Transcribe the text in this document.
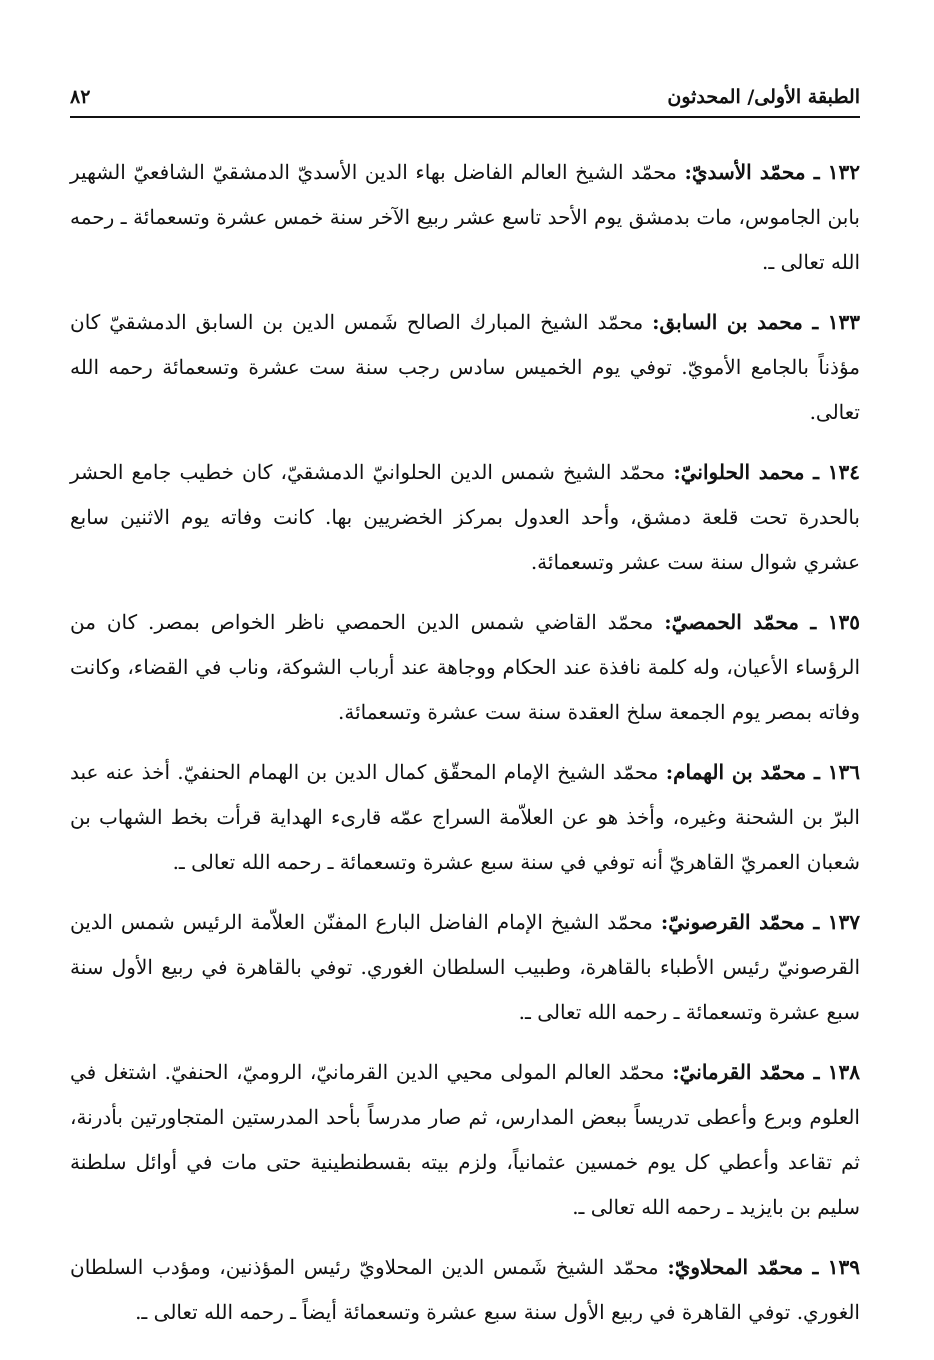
الطبقة الأولى/ المحدثون
٨٢

١٣٢ ـ محمّد الأسديّ: محمّد الشيخ العالم الفاضل بهاء الدين الأسديّ الدمشقيّ الشافعيّ الشهير بابن الجاموس، مات بدمشق يوم الأحد تاسع عشر ربيع الآخر سنة خمس عشرة وتسعمائة ـ رحمه الله تعالى ـ.

١٣٣ ـ محمد بن السابق: محمّد الشيخ المبارك الصالح شَمس الدين بن السابق الدمشقيّ كان مؤذناً بالجامع الأمويّ. توفي يوم الخميس سادس رجب سنة ست عشرة وتسعمائة رحمه الله تعالى.

١٣٤ ـ محمد الحلوانيّ: محمّد الشيخ شمس الدين الحلوانيّ الدمشقيّ، كان خطيب جامع الحشر بالحدرة تحت قلعة دمشق، وأحد العدول بمركز الخضريين بها. كانت وفاته يوم الاثنين سابع عشري شوال سنة ست عشر وتسعمائة.

١٣٥ ـ محمّد الحمصيّ: محمّد القاضي شمس الدين الحمصي ناظر الخواص بمصر. كان من الرؤساء الأعيان، وله كلمة نافذة عند الحكام ووجاهة عند أرباب الشوكة، وناب في القضاء، وكانت وفاته بمصر يوم الجمعة سلخ العقدة سنة ست عشرة وتسعمائة.

١٣٦ ـ محمّد بن الهمام: محمّد الشيخ الإمام المحقّق كمال الدين بن الهمام الحنفيّ. أخذ عنه عبد البرّ بن الشحنة وغيره، وأخذ هو عن العلاّمة السراج عمّه قارىء الهداية قرأت بخط الشهاب بن شعبان العمريّ القاهريّ أنه توفي في سنة سبع عشرة وتسعمائة ـ رحمه الله تعالى ـ.

١٣٧ ـ محمّد القرصونيّ: محمّد الشيخ الإمام الفاضل البارع المفنّن العلاّمة الرئيس شمس الدين القرصونيّ رئيس الأطباء بالقاهرة، وطبيب السلطان الغوري. توفي بالقاهرة في ربيع الأول سنة سبع عشرة وتسعمائة ـ رحمه الله تعالى ـ.

١٣٨ ـ محمّد القرمانيّ: محمّد العالم المولى محيي الدين القرمانيّ، الروميّ، الحنفيّ. اشتغل في العلوم وبرع وأعطى تدريساً ببعض المدارس، ثم صار مدرساً بأحد المدرستين المتجاورتين بأدرنة، ثم تقاعد وأعطي كل يوم خمسين عثمانياً، ولزم بيته بقسطنطينية حتى مات في أوائل سلطنة سليم بن بايزيد ـ رحمه الله تعالى ـ.

١٣٩ ـ محمّد المحلاويّ: محمّد الشيخ شَمس الدين المحلاويّ رئيس المؤذنين، ومؤدب السلطان الغوري. توفي القاهرة في ربيع الأول سنة سبع عشرة وتسعمائة أيضاً ـ رحمه الله تعالى ـ.
